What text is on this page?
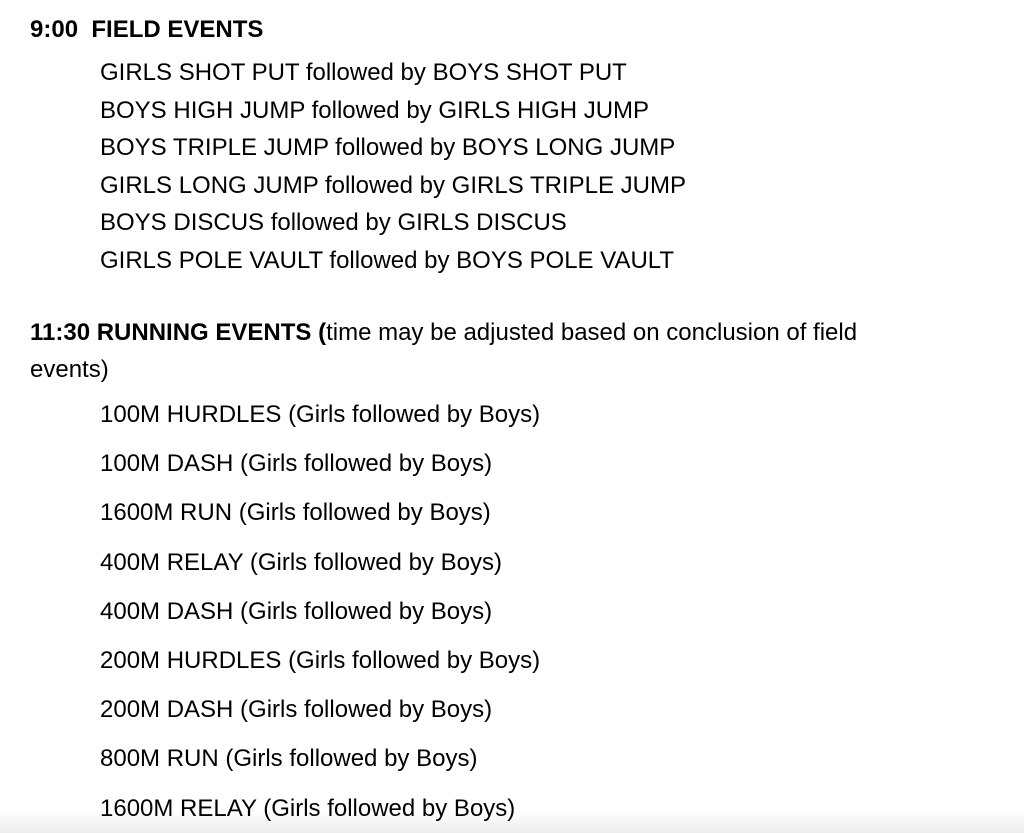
9:00 FIELD EVENTS
GIRLS SHOT PUT followed by BOYS SHOT PUT
BOYS HIGH JUMP followed by GIRLS HIGH JUMP
BOYS TRIPLE JUMP followed by BOYS LONG JUMP
GIRLS LONG JUMP followed by GIRLS TRIPLE JUMP
BOYS DISCUS followed by GIRLS DISCUS
GIRLS POLE VAULT followed by BOYS POLE VAULT

11:30 RUNNING EVENTS (time may be adjusted based on conclusion of field events)

100M HURDLES (Girls followed by Boys)
100M DASH (Girls followed by Boys)
1600M RUN (Girls followed by Boys)
400M RELAY (Girls followed by Boys)
400M DASH (Girls followed by Boys)
200M HURDLES (Girls followed by Boys)
200M DASH (Girls followed by Boys)
800M RUN (Girls followed by Boys)
1600M RELAY (Girls followed by Boys)
